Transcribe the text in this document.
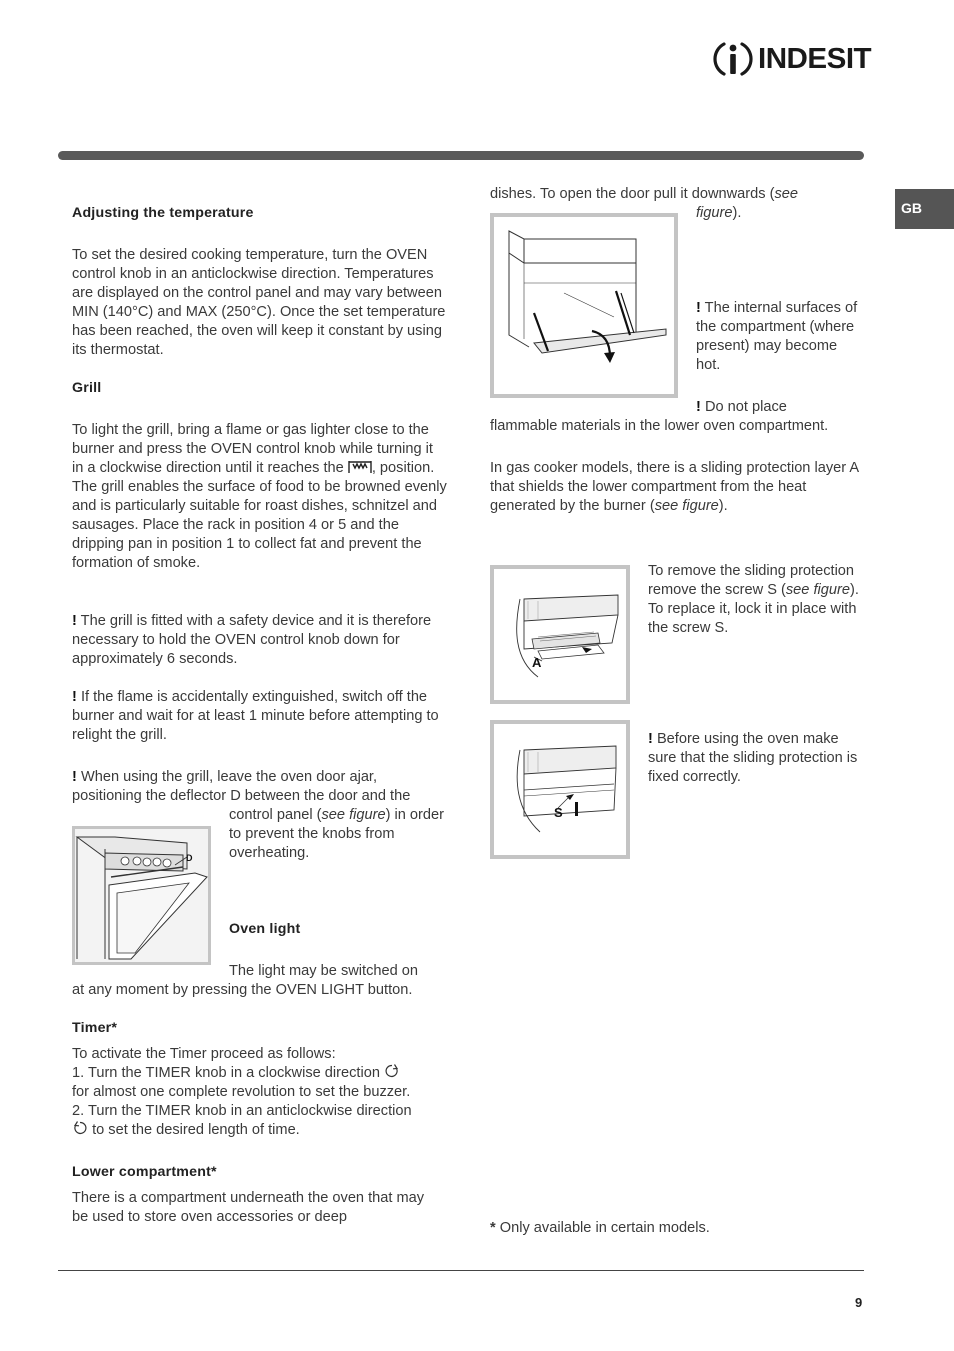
INDESIT
GB
Adjusting the temperature
To set the desired cooking temperature, turn the OVEN control knob in an anticlockwise direction. Temperatures are displayed on the control panel and may vary between MIN (140°C) and MAX (250°C). Once the set temperature has been reached, the oven will keep it constant by using its thermostat.
Grill
To light the grill, bring a flame or gas lighter close to the burner and press the OVEN control knob while turning it in a clockwise direction until it reaches the , position. The grill enables the surface of food to be browned evenly and is particularly suitable for roast dishes, schnitzel and sausages. Place the rack in position 4 or 5 and the dripping pan in position 1 to collect fat and prevent the formation of smoke.
! The grill is fitted with a safety device and it is therefore necessary to hold the OVEN control knob down for approximately 6 seconds.
! If the flame is accidentally extinguished, switch off the burner and wait for at least 1 minute before attempting to relight the grill.
! When using the grill, leave the oven door ajar, positioning the deflector D between the door and the
control panel (see figure) in order to prevent the knobs from overheating.
D
Oven light
The light may be switched on
at any moment by pressing the OVEN LIGHT button.
Timer*
To activate the Timer proceed as follows:
1. Turn the TIMER knob in a clockwise direction
for almost one complete revolution to set the buzzer.
2. Turn the TIMER knob in an anticlockwise direction
to set the desired length of time.
Lower compartment*
There is a compartment underneath the oven that may be used to store oven accessories or deep
dishes. To open the door pull it downwards (see
figure).
! The internal surfaces of the compartment (where present) may become hot.
! Do not place
flammable materials in the lower oven compartment.
In gas cooker models, there is a sliding protection layer A that shields the lower compartment from the heat generated by the burner (see figure).
A
To remove the sliding protection remove the screw S (see figure). To replace it, lock it in place with the screw S.
S
! Before using the oven make sure that the sliding protection is fixed correctly.
* Only available in certain models.
9
